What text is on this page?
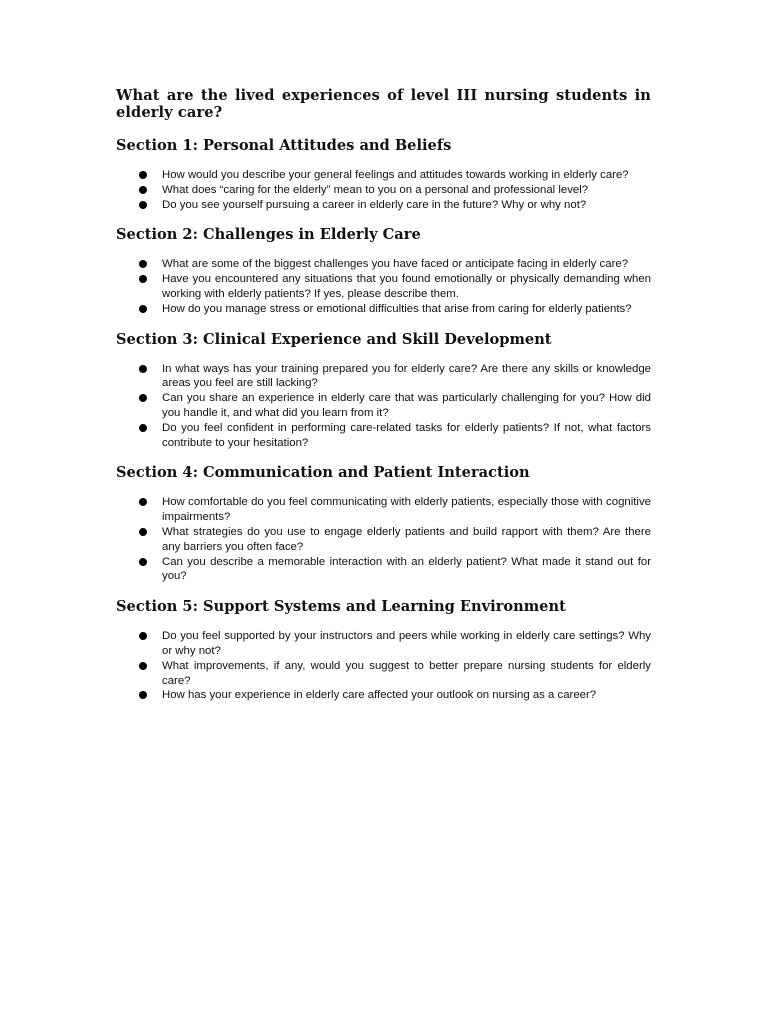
What are the lived experiences of level III nursing students in elderly care?
Section 1: Personal Attitudes and Beliefs
How would you describe your general feelings and attitudes towards working in elderly care?
What does “caring for the elderly” mean to you on a personal and professional level?
Do you see yourself pursuing a career in elderly care in the future? Why or why not?
Section 2: Challenges in Elderly Care
What are some of the biggest challenges you have faced or anticipate facing in elderly care?
Have you encountered any situations that you found emotionally or physically demanding when working with elderly patients? If yes, please describe them.
How do you manage stress or emotional difficulties that arise from caring for elderly patients?
Section 3: Clinical Experience and Skill Development
In what ways has your training prepared you for elderly care? Are there any skills or knowledge areas you feel are still lacking?
Can you share an experience in elderly care that was particularly challenging for you? How did you handle it, and what did you learn from it?
Do you feel confident in performing care-related tasks for elderly patients? If not, what factors contribute to your hesitation?
Section 4: Communication and Patient Interaction
How comfortable do you feel communicating with elderly patients, especially those with cognitive impairments?
What strategies do you use to engage elderly patients and build rapport with them? Are there any barriers you often face?
Can you describe a memorable interaction with an elderly patient? What made it stand out for you?
Section 5: Support Systems and Learning Environment
Do you feel supported by your instructors and peers while working in elderly care settings? Why or why not?
What improvements, if any, would you suggest to better prepare nursing students for elderly care?
How has your experience in elderly care affected your outlook on nursing as a career?
